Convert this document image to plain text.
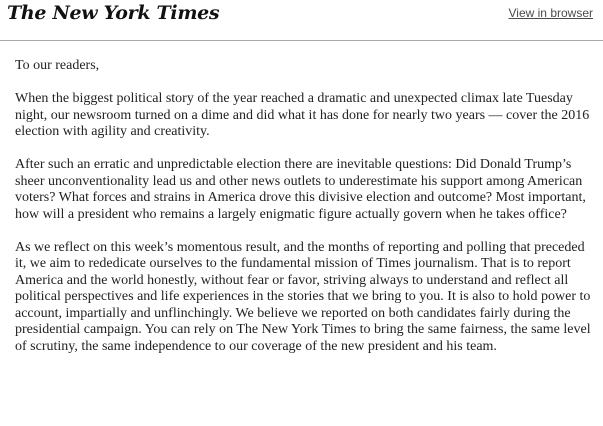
The New York Times	View in browser

To our readers,

When the biggest political story of the year reached a dramatic and unexpected climax late Tuesday night, our newsroom turned on a dime and did what it has done for nearly two years — cover the 2016 election with agility and creativity.

After such an erratic and unpredictable election there are inevitable questions: Did Donald Trump’s sheer unconventionality lead us and other news outlets to underestimate his support among American voters? What forces and strains in America drove this divisive election and outcome? Most important, how will a president who remains a largely enigmatic figure actually govern when he takes office?

As we reflect on this week’s momentous result, and the months of reporting and polling that preceded it, we aim to rededicate ourselves to the fundamental mission of Times journalism. That is to report America and the world honestly, without fear or favor, striving always to understand and reflect all political perspectives and life experiences in the stories that we bring to you. It is also to hold power to account, impartially and unflinchingly. We believe we reported on both candidates fairly during the presidential campaign. You can rely on The New York Times to bring the same fairness, the same level of scrutiny, the same independence to our coverage of the new president and his team.
